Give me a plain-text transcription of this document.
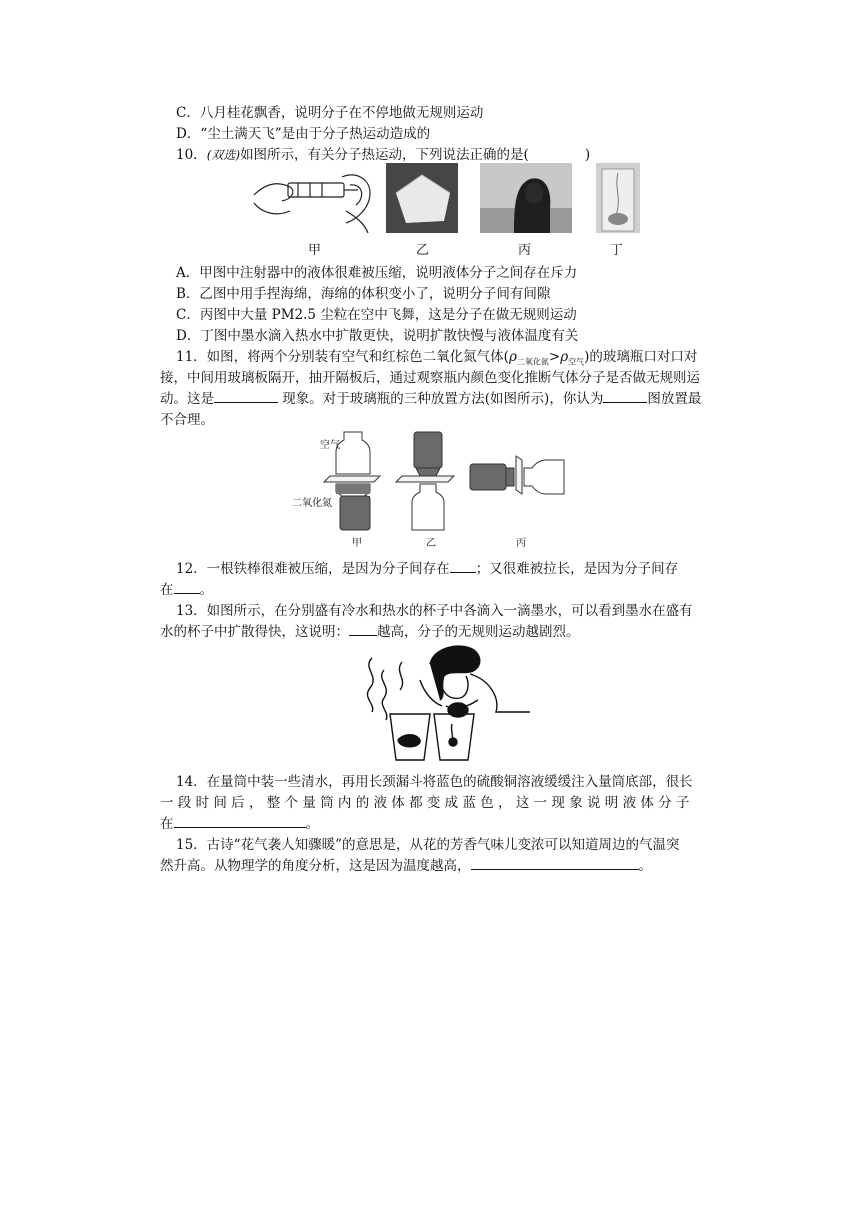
C．八月桂花飘香，说明分子在不停地做无规则运动
D．“尘土满天飞”是由于分子热运动造成的
10．(双选)如图所示，有关分子热运动，下列说法正确的是(	)
甲	乙	丙	丁
A．甲图中注射器中的液体很难被压缩，说明液体分子之间存在斥力
B．乙图中用手捏海绵，海绵的体积变小了，说明分子间有间隙
C．丙图中大量 PM2.5 尘粒在空中飞舞，这是分子在做无规则运动
D．丁图中墨水滴入热水中扩散更快，说明扩散快慢与液体温度有关
11．如图，将两个分别装有空气和红棕色二氧化氮气体$(\rho_{二氧化氮}>\rho_{空气})$的玻璃瓶口对口对
接，中间用玻璃板隔开，抽开隔板后，通过观察瓶内颜色变化推断气体分子是否做无规则运
动。这是	现象。对于玻璃瓶的三种放置方法(如图所示)，你认为	图放置最
不合理。
空气
二氧化氮
甲	乙	丙
12．一根铁棒很难被压缩，是因为分子间存在 ；又很难被拉长，是因为分子间存
在 。
13．如图所示，在分别盛有冷水和热水的杯子中各滴入一滴墨水，可以看到墨水在盛有
水的杯子中扩散得快，这说明： 越高，分子的无规则运动越剧烈。
14．在量筒中装一些清水，再用长颈漏斗将蓝色的硫酸铜溶液缓缓注入量筒底部，很长
一 段 时 间 后 ， 整 个 量 筒 内 的 液 体 都 变 成 蓝 色 ， 这 一 现 象 说 明 液 体 分 子
在	。
15．古诗“花气袭人知骤暖”的意思是，从花的芳香气味儿变浓可以知道周边的气温突
然升高。从物理学的角度分析，这是因为温度越高，	。
